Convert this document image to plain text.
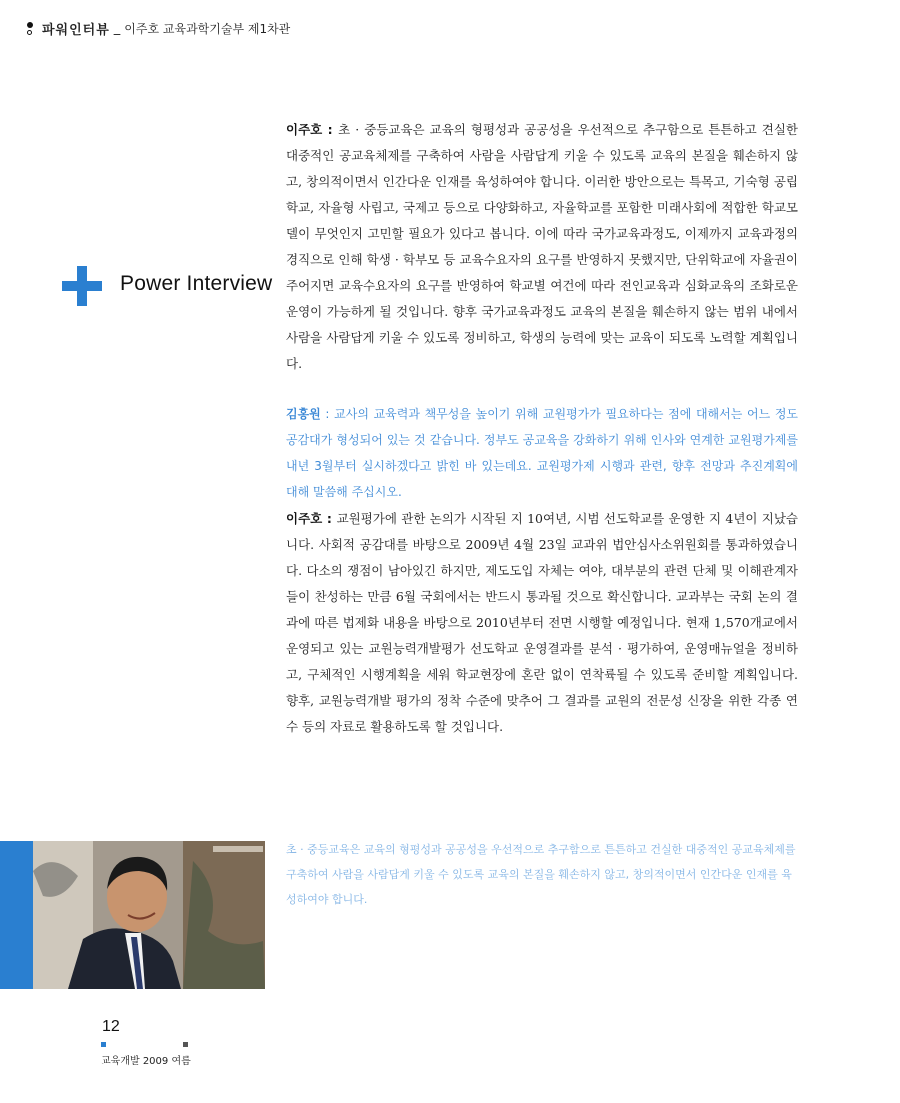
파워인터뷰 _ 이주호 교육과학기술부 제1차관
Power Interview

이주호 : 초 · 중등교육은 교육의 형평성과 공공성을 우선적으로 추구함으로 튼튼하고 견실한 대중적인 공교육체제를 구축하여 사람을 사람답게 키울 수 있도록 교육의 본질을 훼손하지 않고, 창의적이면서 인간다운 인재를 육성하여야 합니다. 이러한 방안으로는 특목고, 기숙형 공립학교, 자율형 사립고, 국제고 등으로 다양화하고, 자율학교를 포함한 미래사회에 적합한 학교모델이 무엇인지 고민할 필요가 있다고 봅니다. 이에 따라 국가교육과정도, 이제까지 교육과정의 경직으로 인해 학생 · 학부모 등 교육수요자의 요구를 반영하지 못했지만, 단위학교에 자율권이 주어지면 교육수요자의 요구를 반영하여 학교별 여건에 따라 전인교육과 심화교육의 조화로운 운영이 가능하게 될 것입니다. 향후 국가교육과정도 교육의 본질을 훼손하지 않는 범위 내에서 사람을 사람답게 키울 수 있도록 정비하고, 학생의 능력에 맞는 교육이 되도록 노력할 계획입니다.

김홍원 : 교사의 교육력과 책무성을 높이기 위해 교원평가가 필요하다는 점에 대해서는 어느 정도 공감대가 형성되어 있는 것 같습니다. 정부도 공교육을 강화하기 위해 인사와 연계한 교원평가제를 내년 3월부터 실시하겠다고 밝힌 바 있는데요. 교원평가제 시행과 관련, 향후 전망과 추진계획에 대해 말씀해 주십시오.

이주호 : 교원평가에 관한 논의가 시작된 지 10여년, 시범 선도학교를 운영한 지 4년이 지났습니다. 사회적 공감대를 바탕으로 2009년 4월 23일 교과위 법안심사소위원회를 통과하였습니다. 다소의 쟁점이 남아있긴 하지만, 제도도입 자체는 여야, 대부분의 관련 단체 및 이해관계자들이 찬성하는 만큼 6월 국회에서는 반드시 통과될 것으로 확신합니다. 교과부는 국회 논의 결과에 따른 법제화 내용을 바탕으로 2010년부터 전면 시행할 예정입니다. 현재 1,570개교에서 운영되고 있는 교원능력개발평가 선도학교 운영결과를 분석 · 평가하여, 운영매뉴얼을 정비하고, 구체적인 시행계획을 세워 학교현장에 혼란 없이 연착륙될 수 있도록 준비할 계획입니다. 향후, 교원능력개발 평가의 정착 수준에 맞추어 그 결과를 교원의 전문성 신장을 위한 각종 연수 등의 자료로 활용하도록 할 것입니다.

초 · 중등교육은 교육의 형평성과 공공성을 우선적으로 추구함으로 튼튼하고 건실한 대중적인 공교육체제를 구축하여 사람을 사람답게 키울 수 있도록 교육의 본질을 훼손하지 않고, 창의적이면서 인간다운 인재를 육성하여야 합니다.
12
교육개발 2009 여름
